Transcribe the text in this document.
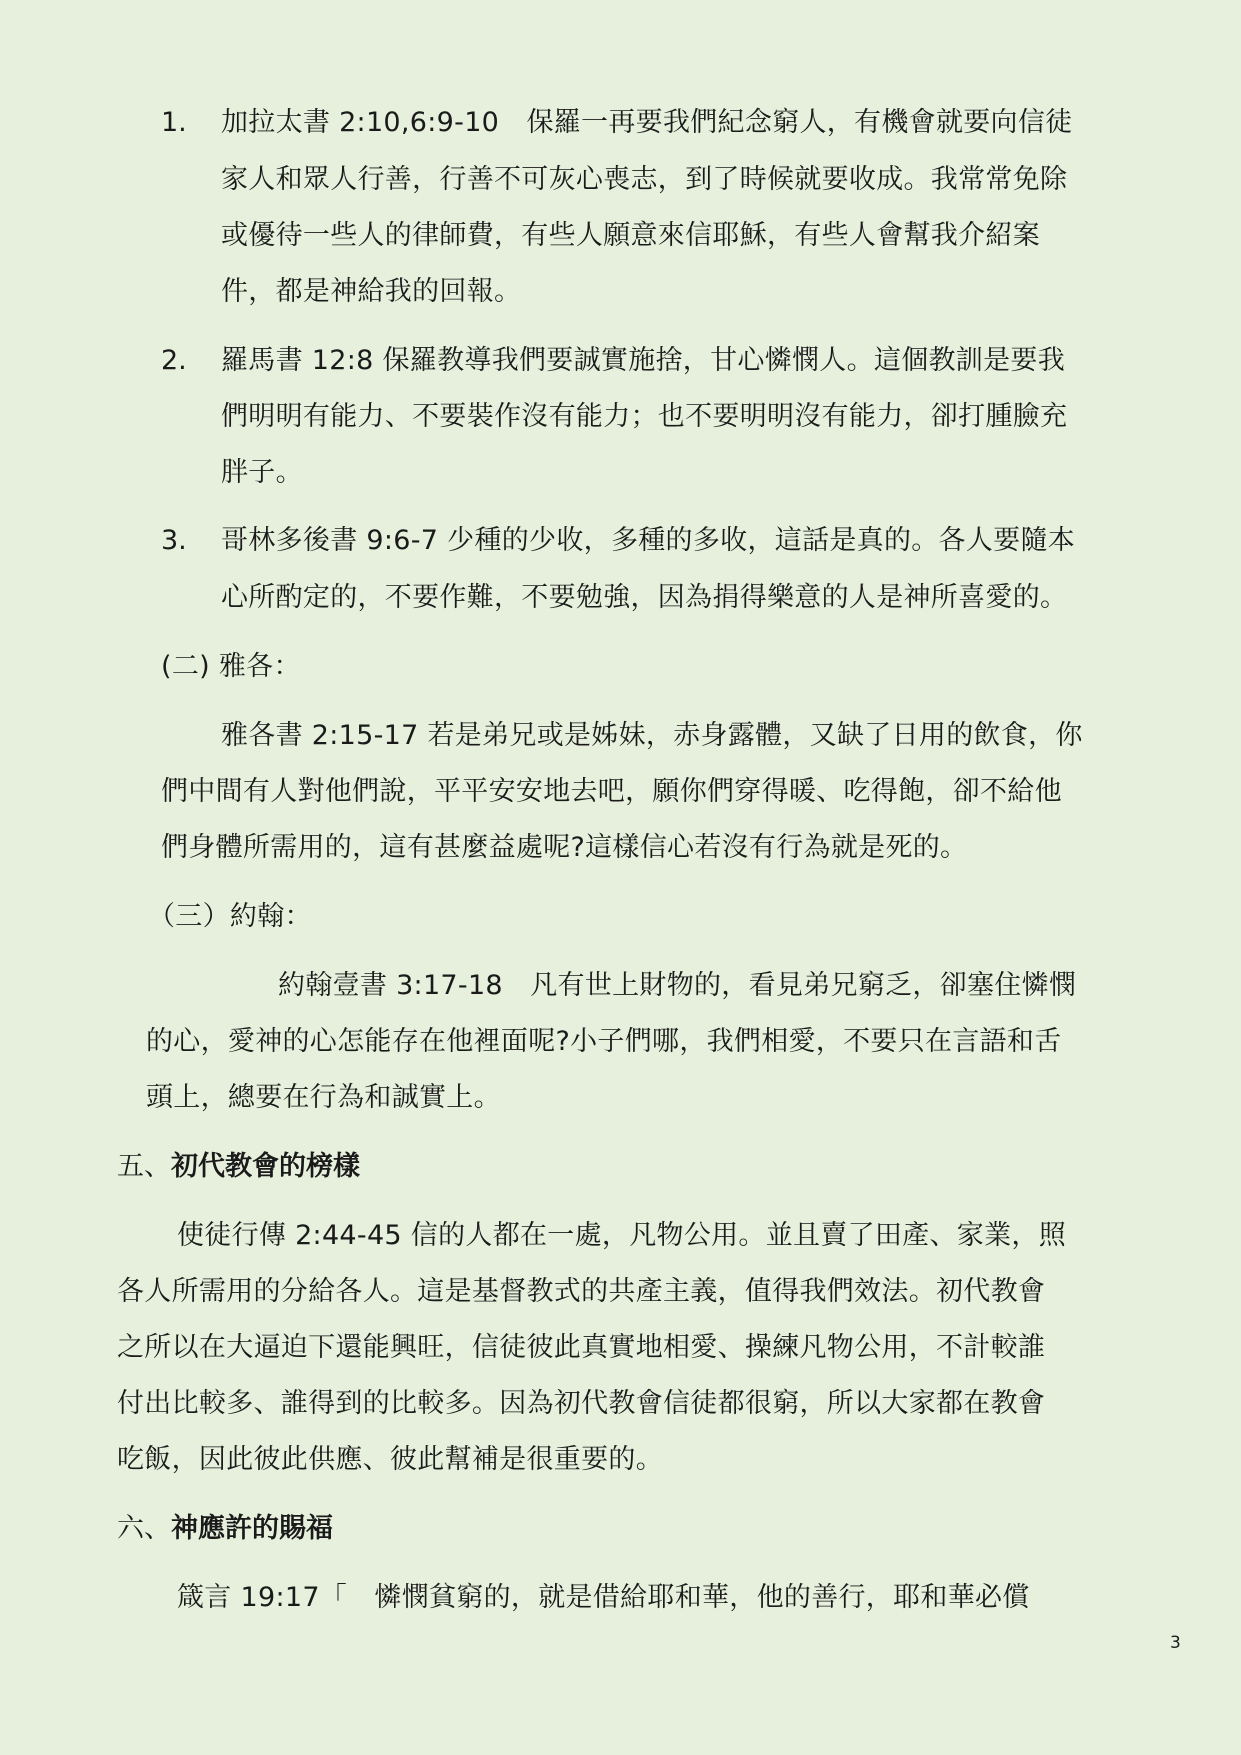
1. 加拉太書 2:10,6:9-10　保羅一再要我們紀念窮人，有機會就要向信徒
家人和眾人行善，行善不可灰心喪志，到了時候就要收成。我常常免除
或優待一些人的律師費，有些人願意來信耶穌，有些人會幫我介紹案
件，都是神給我的回報。
2. 羅馬書 12:8 保羅教導我們要誠實施捨，甘心憐憫人。這個教訓是要我
們明明有能力、不要裝作沒有能力；也不要明明沒有能力，卻打腫臉充
胖子。
3. 哥林多後書 9:6-7 少種的少收，多種的多收，這話是真的。各人要隨本
心所酌定的，不要作難，不要勉強，因為捐得樂意的人是神所喜愛的。
(二) 雅各：
雅各書 2:15-17 若是弟兄或是姊妹，赤身露體，又缺了日用的飲食，你
們中間有人對他們說，平平安安地去吧，願你們穿得暖、吃得飽，卻不給他
們身體所需用的，這有甚麼益處呢?這樣信心若沒有行為就是死的。
（三）約翰：
約翰壹書 3:17-18　凡有世上財物的，看見弟兄窮乏，卻塞住憐憫
的心，愛神的心怎能存在他裡面呢?小子們哪，我們相愛，不要只在言語和舌
頭上，總要在行為和誠實上。
五、初代教會的榜樣
使徒行傳 2:44-45 信的人都在一處，凡物公用。並且賣了田產、家業，照
各人所需用的分給各人。這是基督教式的共產主義，值得我們效法。初代教會
之所以在大逼迫下還能興旺，信徒彼此真實地相愛、操練凡物公用，不計較誰
付出比較多、誰得到的比較多。因為初代教會信徒都很窮，所以大家都在教會
吃飯，因此彼此供應、彼此幫補是很重要的。
六、神應許的賜福
箴言 19:17「　憐憫貧窮的，就是借給耶和華，他的善行，耶和華必償
3
